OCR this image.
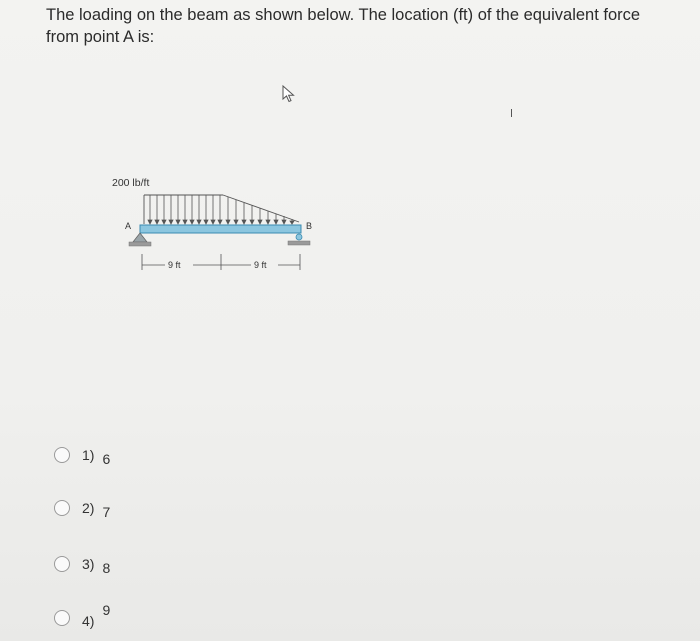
The loading on the beam as shown below. The location (ft) of the equivalent force from point A is:
200 lb/ft
A	B
9 ft	9 ft
1) 6
2) 7
3) 8
4)
9
